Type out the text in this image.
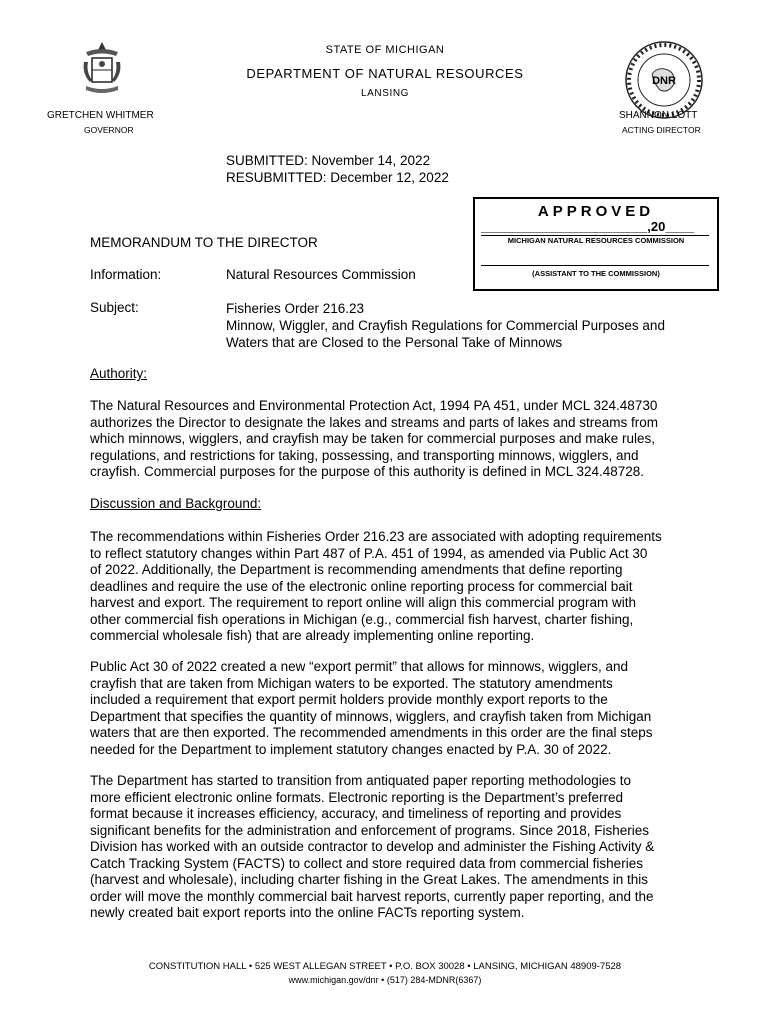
STATE OF MICHIGAN
DEPARTMENT OF NATURAL RESOURCES
LANSING
DNR
GRETCHEN WHITMER
GOVERNOR
SHANNON LOTT
ACTING DIRECTOR
SUBMITTED: November 14, 2022
RESUBMITTED: December 12, 2022
APPROVED
_______________________,20____
MICHIGAN NATURAL RESOURCES COMMISSION
(ASSISTANT TO THE COMMISSION)
MEMORANDUM TO THE DIRECTOR
Information:	Natural Resources Commission
Subject:	Fisheries Order 216.23
Minnow, Wiggler, and Crayfish Regulations for Commercial Purposes and
Waters that are Closed to the Personal Take of Minnows
Authority:
The Natural Resources and Environmental Protection Act, 1994 PA 451, under MCL 324.48730
authorizes the Director to designate the lakes and streams and parts of lakes and streams from
which minnows, wigglers, and crayfish may be taken for commercial purposes and make rules,
regulations, and restrictions for taking, possessing, and transporting minnows, wigglers, and
crayfish. Commercial purposes for the purpose of this authority is defined in MCL 324.48728.
Discussion and Background:
The recommendations within Fisheries Order 216.23 are associated with adopting requirements
to reflect statutory changes within Part 487 of P.A. 451 of 1994, as amended via Public Act 30
of 2022. Additionally, the Department is recommending amendments that define reporting
deadlines and require the use of the electronic online reporting process for commercial bait
harvest and export. The requirement to report online will align this commercial program with
other commercial fish operations in Michigan (e.g., commercial fish harvest, charter fishing,
commercial wholesale fish) that are already implementing online reporting.
Public Act 30 of 2022 created a new “export permit” that allows for minnows, wigglers, and
crayfish that are taken from Michigan waters to be exported. The statutory amendments
included a requirement that export permit holders provide monthly export reports to the
Department that specifies the quantity of minnows, wigglers, and crayfish taken from Michigan
waters that are then exported. The recommended amendments in this order are the final steps
needed for the Department to implement statutory changes enacted by P.A. 30 of 2022.
The Department has started to transition from antiquated paper reporting methodologies to
more efficient electronic online formats. Electronic reporting is the Department’s preferred
format because it increases efficiency, accuracy, and timeliness of reporting and provides
significant benefits for the administration and enforcement of programs. Since 2018, Fisheries
Division has worked with an outside contractor to develop and administer the Fishing Activity &
Catch Tracking System (FACTS) to collect and store required data from commercial fisheries
(harvest and wholesale), including charter fishing in the Great Lakes. The amendments in this
order will move the monthly commercial bait harvest reports, currently paper reporting, and the
newly created bait export reports into the online FACTs reporting system.
CONSTITUTION HALL • 525 WEST ALLEGAN STREET • P.O. BOX 30028 • LANSING, MICHIGAN 48909-7528
www.michigan.gov/dnr • (517) 284-MDNR(6367)
